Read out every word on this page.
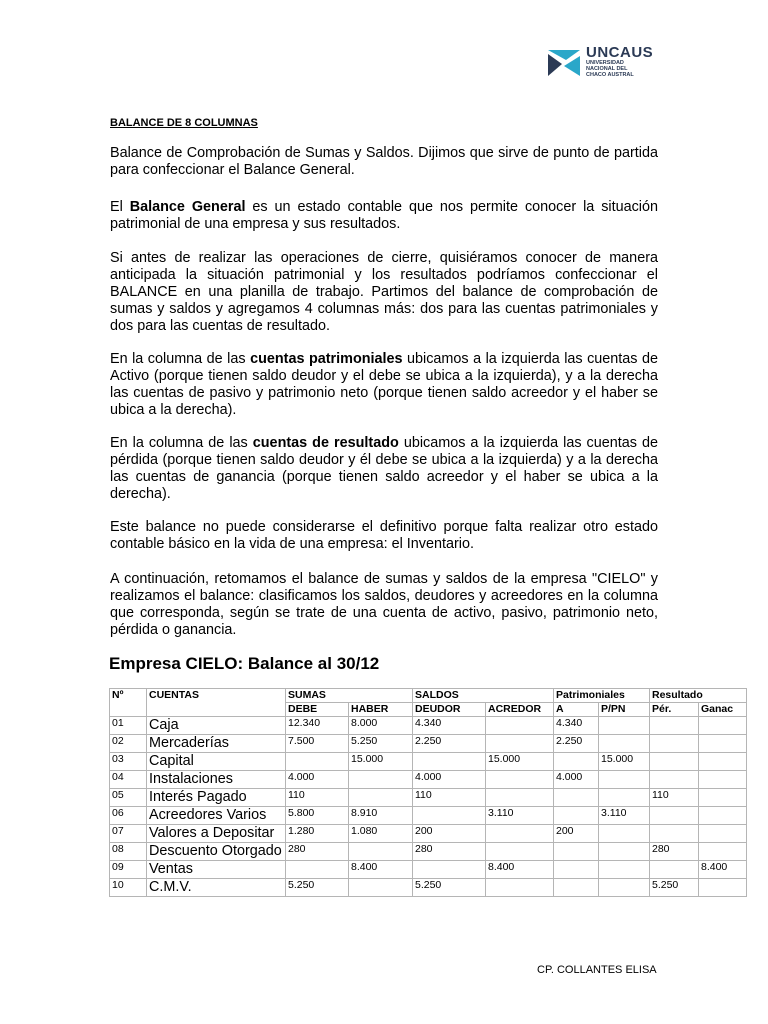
UNCAUS
UNIVERSIDAD
NACIONAL DEL
CHACO AUSTRAL
BALANCE DE 8 COLUMNAS
Balance de Comprobación de Sumas y Saldos. Dijimos que sirve de punto de partida para confeccionar el Balance General.
El Balance General es un estado contable que nos permite conocer la situación patrimonial de una empresa y sus resultados.
Si antes de realizar las operaciones de cierre, quisiéramos conocer de manera anticipada la situación patrimonial y los resultados podríamos confeccionar el BALANCE en una planilla de trabajo. Partimos del balance de comprobación de sumas y saldos y agregamos 4 columnas más: dos para las cuentas patrimoniales y dos para las cuentas de resultado.
En la columna de las cuentas patrimoniales ubicamos a la izquierda las cuentas de Activo (porque tienen saldo deudor y el debe se ubica a la izquierda), y a la derecha las cuentas de pasivo y patrimonio neto (porque tienen saldo acreedor y el haber se ubica a la derecha).
En la columna de las cuentas de resultado ubicamos a la izquierda las cuentas de pérdida (porque tienen saldo deudor y él debe se ubica a la izquierda) y a la derecha las cuentas de ganancia (porque tienen saldo acreedor y el haber se ubica a la derecha).
Este balance no puede considerarse el definitivo porque falta realizar otro estado contable básico en la vida de una empresa: el Inventario.
A continuación, retomamos el balance de sumas y saldos de la empresa "CIELO" y realizamos el balance: clasificamos los saldos, deudores y acreedores en la columna que corresponda, según se trate de una cuenta de activo, pasivo, patrimonio neto, pérdida o ganancia.
Empresa CIELO: Balance al 30/12
Nº	CUENTAS	SUMAS		SALDOS		Patrimoniales		Resultado	
		DEBE	HABER	DEUDOR	ACREDOR	A	P/PN	Pér.	Ganac
01	Caja	12.340	8.000	4.340		4.340			
02	Mercaderías	7.500	5.250	2.250		2.250			
03	Capital		15.000		15.000		15.000		
04	Instalaciones	4.000		4.000		4.000			
05	Interés Pagado	110		110				110	
06	Acreedores Varios	5.800	8.910		3.110		3.110		
07	Valores a Depositar	1.280	1.080	200		200			
08	Descuento Otorgado	280		280				280	
09	Ventas		8.400		8.400				8.400
10	C.M.V.	5.250		5.250				5.250	
CP. COLLANTES ELISA
